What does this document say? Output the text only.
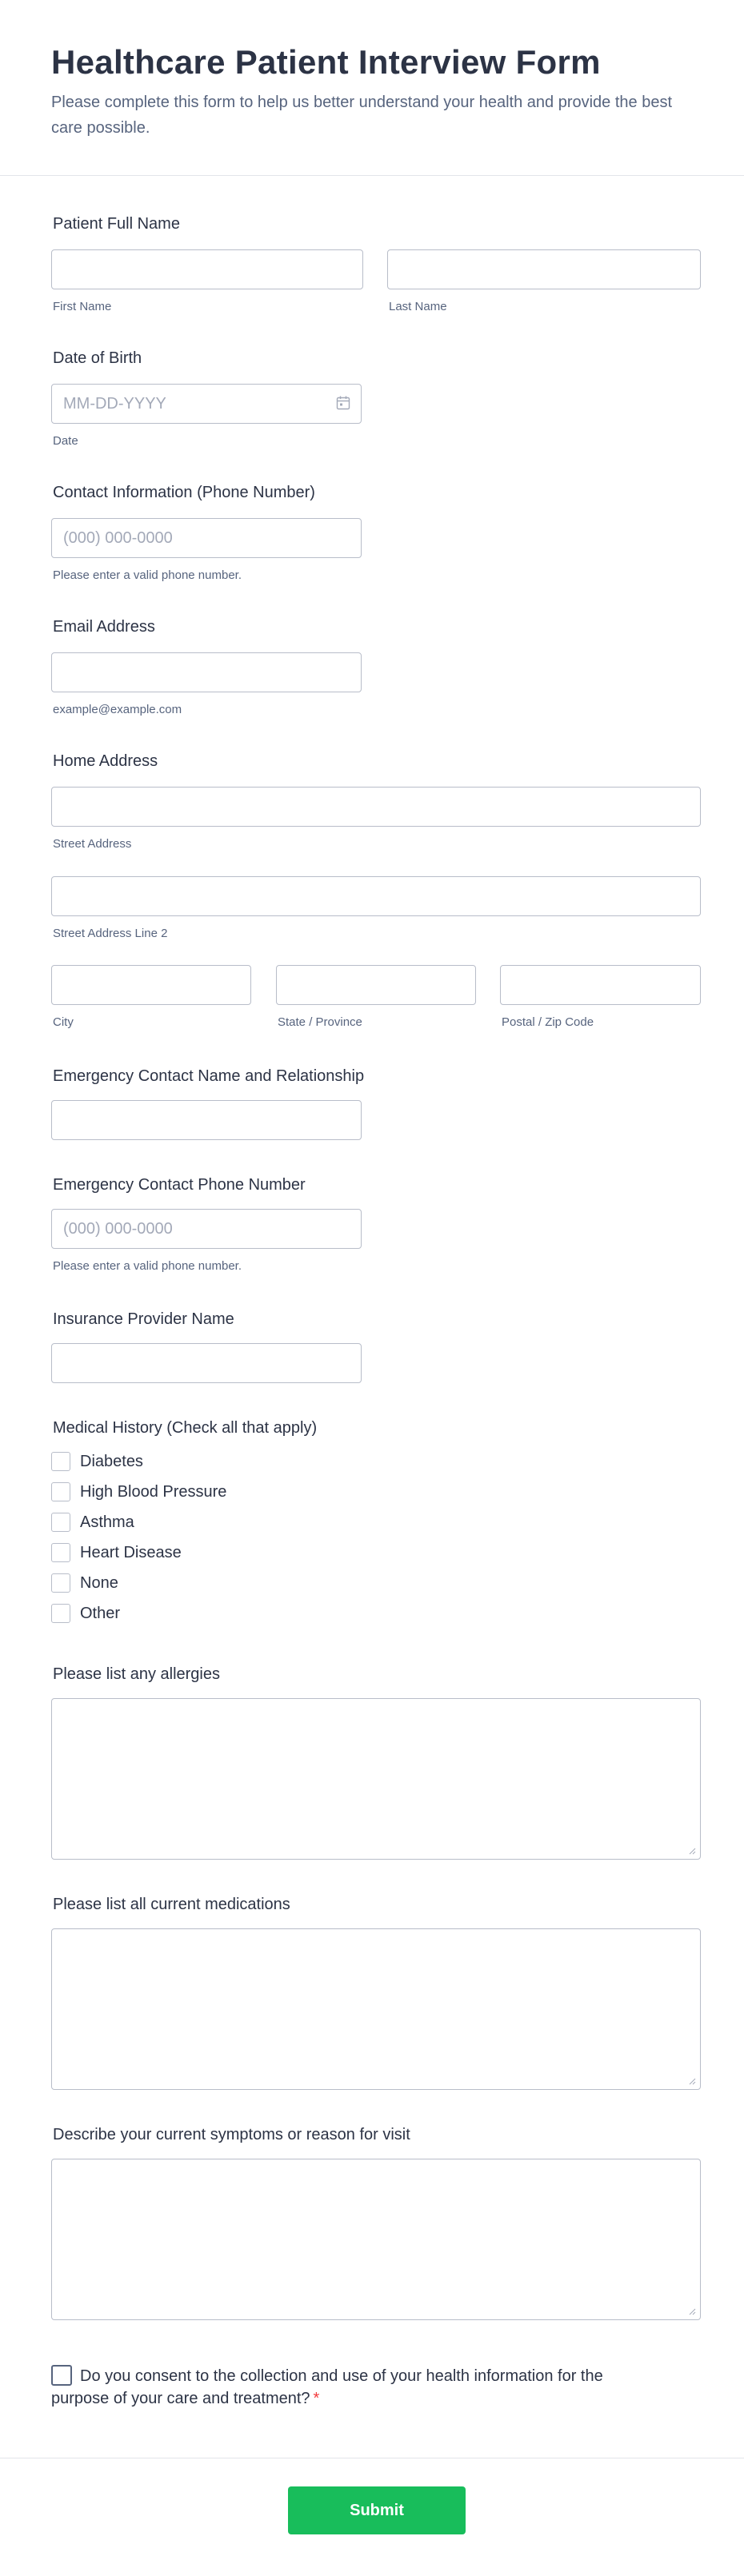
Healthcare Patient Interview Form

Please complete this form to help us better understand your health and provide the best care possible.

Patient Full Name
First Name	Last Name
Date of Birth
MM-DD-YYYY
Date
Contact Information (Phone Number)
(000) 000-0000
Please enter a valid phone number.
Email Address
example@example.com
Home Address
Street Address
Street Address Line 2
City	State / Province	Postal / Zip Code
Emergency Contact Name and Relationship
Emergency Contact Phone Number
(000) 000-0000
Please enter a valid phone number.
Insurance Provider Name
Medical History (Check all that apply)
Diabetes
High Blood Pressure
Asthma
Heart Disease
None
Other
Please list any allergies
Please list all current medications
Describe your current symptoms or reason for visit
Do you consent to the collection and use of your health information for the purpose of your care and treatment? *
Submit
